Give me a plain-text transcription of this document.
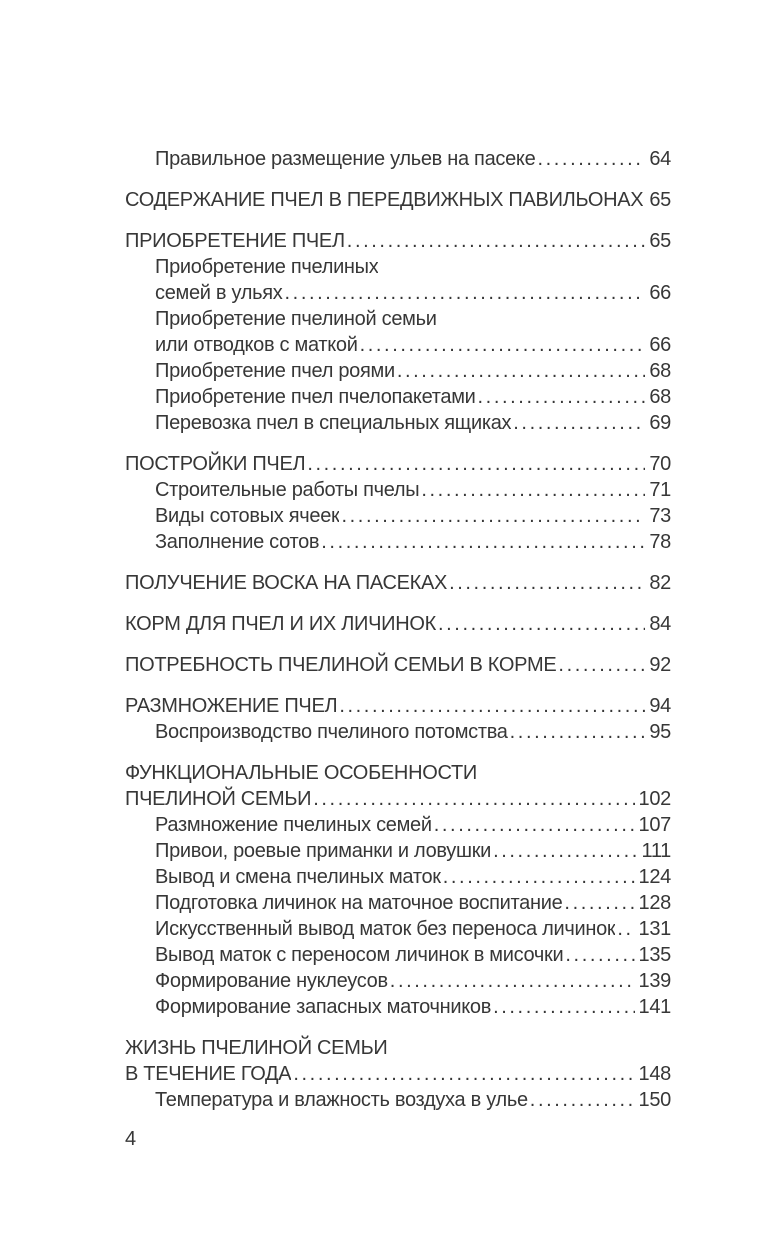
Правильное размещение ульев на пасеке .....	64
СОДЕРЖАНИЕ ПЧЕЛ В ПЕРЕДВИЖНЫХ ПАВИЛЬОНАХ 65
ПРИОБРЕТЕНИЕ ПЧЕЛ .....	65
Приобретение пчелиных
семей в ульях .....	66
Приобретение пчелиной семьи
или отводков с маткой .....	66
Приобретение пчел роями .....	68
Приобретение пчел пчелопакетами .....	68
Перевозка пчел в специальных ящиках .....	69
ПОСТРОЙКИ ПЧЕЛ .....	70
Строительные работы пчелы .....	71
Виды сотовых ячеек .....	73
Заполнение сотов .....	78
ПОЛУЧЕНИЕ ВОСКА НА ПАСЕКАХ .....	82
КОРМ ДЛЯ ПЧЕЛ И ИХ ЛИЧИНОК .....	84
ПОТРЕБНОСТЬ ПЧЕЛИНОЙ СЕМЬИ В КОРМЕ .....	92
РАЗМНОЖЕНИЕ ПЧЕЛ .....	94
Воспроизводство пчелиного потомства .....	95
ФУНКЦИОНАЛЬНЫЕ ОСОБЕННОСТИ
ПЧЕЛИНОЙ СЕМЬИ .....	102
Размножение пчелиных семей .....	107
Привои, роевые приманки и ловушки .....	111
Вывод и смена пчелиных маток .....	124
Подготовка личинок на маточное воспитание .....	128
Искусственный вывод маток без переноса личинок ..... 131
Вывод маток с переносом личинок в мисочки .....	135
Формирование нуклеусов .....	139
Формирование запасных маточников .....	141
ЖИЗНЬ ПЧЕЛИНОЙ СЕМЬИ
В ТЕЧЕНИЕ ГОДА .....	148
Температура и влажность воздуха в улье .....	150
4
